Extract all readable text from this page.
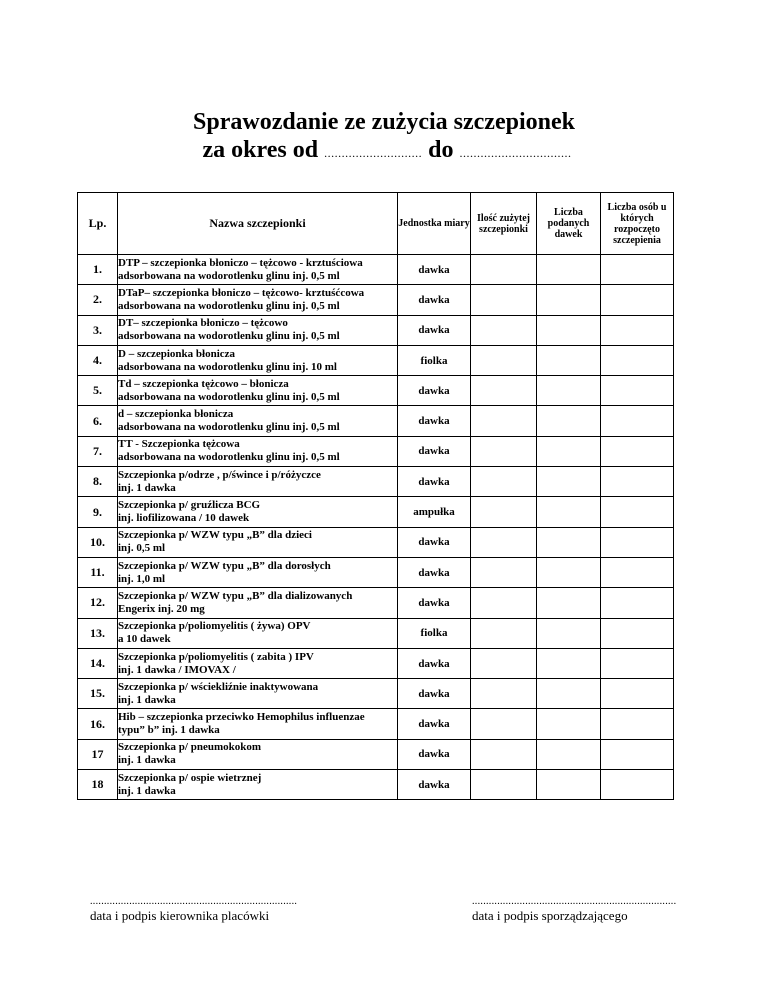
Sprawozdanie ze zużycia szczepionek
za okres od ............................ do ................................
Lp.	Nazwa szczepionki	Jednostka miary	Ilość zużytej szczepionki	Liczba podanych dawek	Liczba osób u których rozpoczęto szczepienia
1.	DTP – szczepionka błoniczo – tężcowo - krztuściowa
adsorbowana na wodorotlenku glinu inj. 0,5 ml	dawka			
2.	DTaP– szczepionka błoniczo – tężcowo- krztuśćcowa
adsorbowana na wodorotlenku glinu inj. 0,5 ml	dawka			
3.	DT– szczepionka błoniczo – tężcowo
adsorbowana na wodorotlenku glinu inj. 0,5 ml	dawka			
4.	D – szczepionka błonicza
adsorbowana na wodorotlenku glinu inj. 10 ml	fiolka			
5.	Td – szczepionka tężcowo – błonicza
adsorbowana na wodorotlenku glinu inj. 0,5 ml	dawka			
6.	d – szczepionka błonicza
adsorbowana na wodorotlenku glinu inj. 0,5 ml	dawka			
7.	TT - Szczepionka tężcowa
adsorbowana na wodorotlenku glinu inj. 0,5 ml	dawka			
8.	Szczepionka p/odrze , p/śwince i p/różyczce
inj. 1 dawka	dawka			
9.	Szczepionka p/ gruźlicza BCG
inj. liofilizowana / 10 dawek	ampułka			
10.	Szczepionka p/ WZW typu „B” dla dzieci
inj. 0,5 ml	dawka			
11.	Szczepionka p/ WZW typu „B” dla dorosłych
inj. 1,0 ml	dawka			
12.	Szczepionka p/ WZW typu „B” dla dializowanych
Engerix inj. 20 mg	dawka			
13.	Szczepionka p/poliomyelitis ( żywa) OPV
a 10 dawek	fiolka			
14.	Szczepionka p/poliomyelitis ( zabita ) IPV
inj. 1 dawka / IMOVAX /	dawka			
15.	Szczepionka p/ wściekliźnie inaktywowana
inj. 1 dawka	dawka			
16.	Hib – szczepionka przeciwko Hemophilus influenzae
typu” b” inj. 1 dawka	dawka			
17	Szczepionka p/ pneumokokom
inj. 1 dawka	dawka			
18	Szczepionka p/ ospie wietrznej
inj. 1 dawka	dawka			
..........................................................................
data i podpis kierownika placówki
.........................................................................
data i podpis sporządzającego
